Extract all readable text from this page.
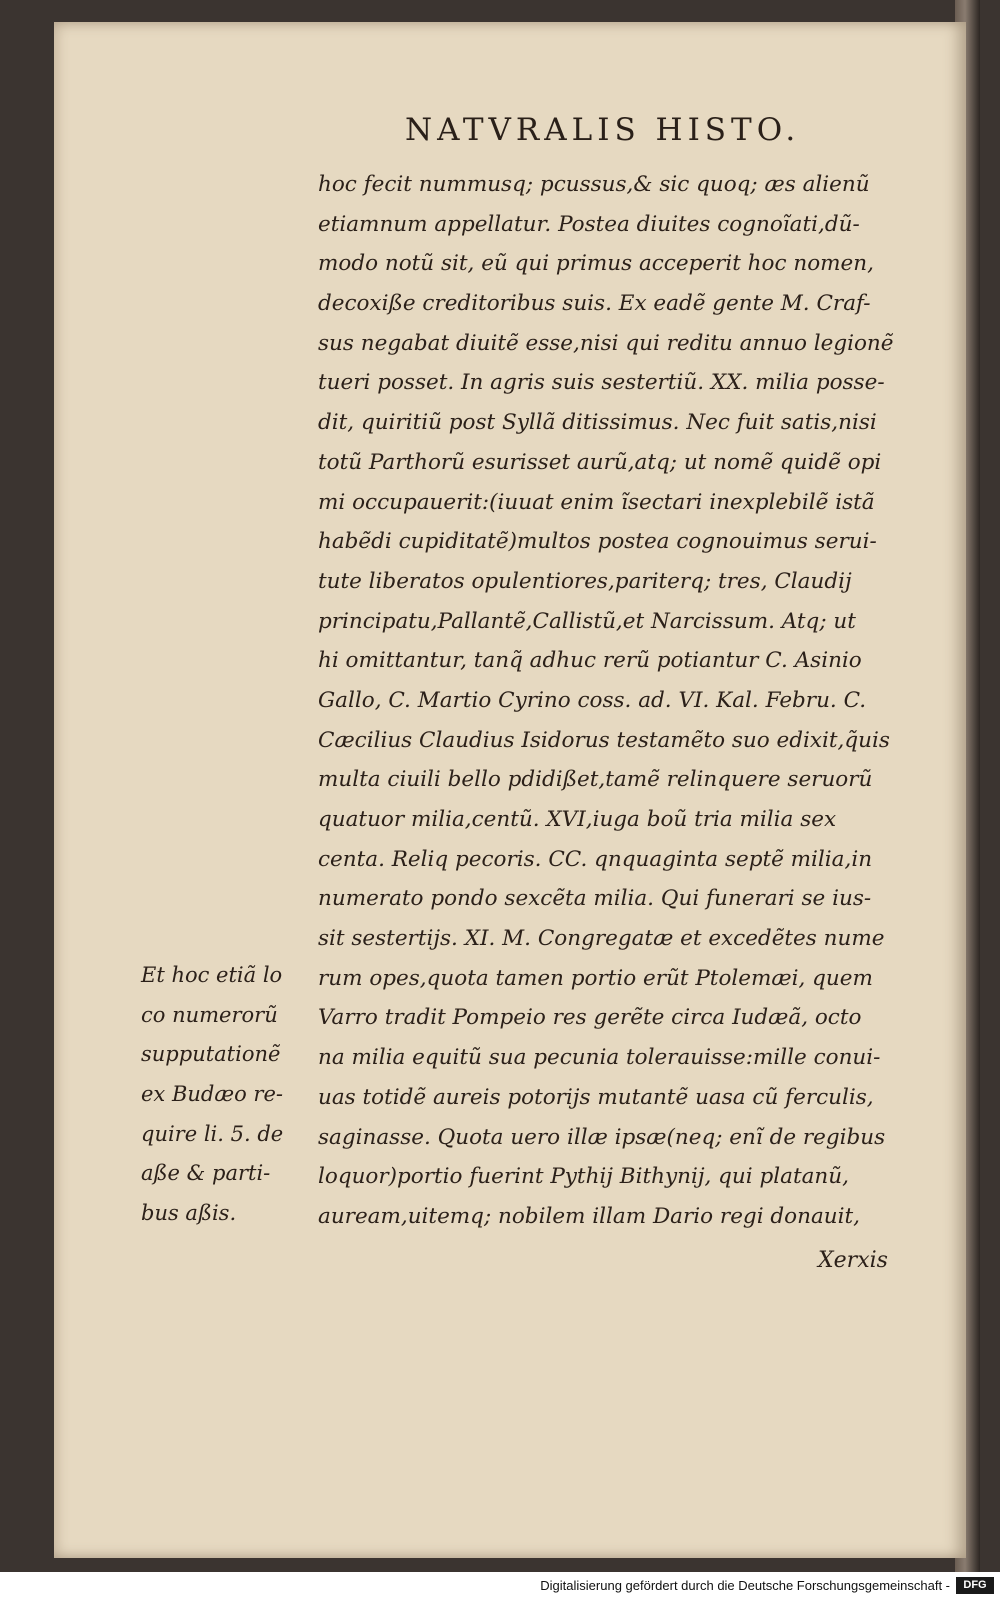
NATVRALIS HISTO.
hoc fecit nummusq; pcussus,& sic quoq; æs alienũ
etiamnum appellatur. Postea diuites cognoĩati,dũ-
modo notũ sit, eũ qui primus acceperit hoc nomen,
decoxiße creditoribus suis. Ex eadẽ gente M. Craf-
sus negabat diuitẽ esse,nisi qui reditu annuo legionẽ
tueri posset. In agris suis sestertiũ. XX. milia posse-
dit, quiritiũ post Syllã ditissimus. Nec fuit satis,nisi
totũ Parthorũ esurisset aurũ,atq; ut nomẽ quidẽ opi
mi occupauerit:(iuuat enim ĩsectari inexplebilẽ istã
habẽdi cupiditatẽ)multos postea cognouimus serui-
tute liberatos opulentiores,pariterq; tres, Claudij
principatu,Pallantẽ,Callistũ,et Narcissum. Atq; ut
hi omittantur, tanq̃ adhuc rerũ potiantur C. Asinio
Gallo, C. Martio Cyrino coss. ad. VI. Kal. Febru. C.
Cæcilius Claudius Isidorus testamẽto suo edixit,q̃uis
multa ciuili bello pdidißet,tamẽ relinquere seruorũ
quatuor milia,centũ. XVI,iuga boũ tria milia sex
centa. Reliq pecoris. CC. qnquaginta septẽ milia,in
numerato pondo sexcẽta milia. Qui funerari se ius-
sit sestertijs. XI. M. Congregatæ et excedẽtes nume
rum opes,quota tamen portio erũt Ptolemæi, quem
Varro tradit Pompeio res gerẽte circa Iudæã, octo
na milia equitũ sua pecunia tolerauisse:mille conui-
uas totidẽ aureis potorijs mutantẽ uasa cũ ferculis,
saginasse. Quota uero illæ ipsæ(neq; enĩ de regibus
loquor)portio fuerint Pythij Bithynij, qui platanũ,
auream,uitemq; nobilem illam Dario regi donauit,
Et hoc etiã lo
co numerorũ
supputationẽ
ex Budæo re-
quire li. 5. de
aße & parti-
bus aßis.
Xerxis
Digitalisierung gefördert durch die Deutsche Forschungsgemeinschaft -	DFG
